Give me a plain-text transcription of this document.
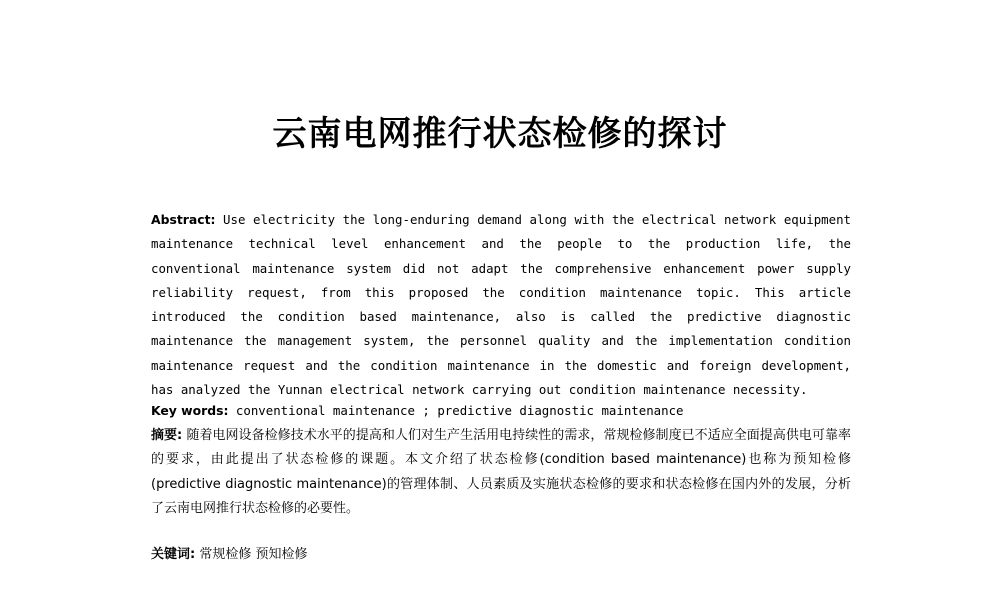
云南电网推行状态检修的探讨

Abstract: Use electricity the long-enduring demand along with the electrical network equipment maintenance technical level enhancement and the people to the production life, the conventional maintenance system did not adapt the comprehensive enhancement power supply reliability request, from this proposed the condition maintenance topic. This article introduced the condition based maintenance, also is called the predictive diagnostic maintenance the management system, the personnel quality and the implementation condition maintenance request and the condition maintenance in the domestic and foreign development, has analyzed the Yunnan electrical network carrying out condition maintenance necessity.

Key words: conventional maintenance ; predictive diagnostic maintenance

摘要: 随着电网设备检修技术水平的提高和人们对生产生活用电持续性的需求，常规检修制度已不适应全面提高供电可靠率的要求，由此提出了状态检修的课题。本文介绍了状态检修(condition based maintenance)也称为预知检修(predictive diagnostic maintenance)的管理体制、人员素质及实施状态检修的要求和状态检修在国内外的发展，分析了云南电网推行状态检修的必要性。

关键词: 常规检修 预知检修
